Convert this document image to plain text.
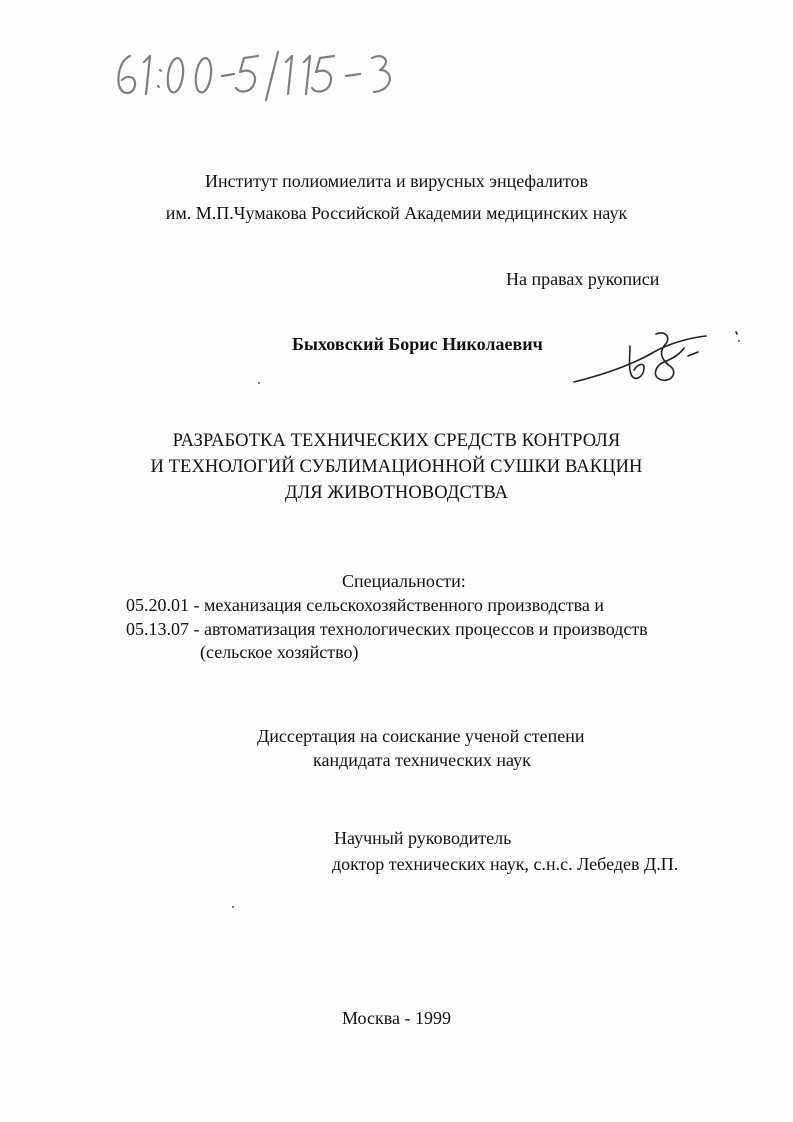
Институт полиомиелита и вирусных энцефалитов
им. М.П.Чумакова Российской Академии медицинских наук
На правах рукописи
Быховский Борис Николаевич
РАЗРАБОТКА ТЕХНИЧЕСКИХ СРЕДСТВ КОНТРОЛЯ
И ТЕХНОЛОГИЙ СУБЛИМАЦИОННОЙ СУШКИ ВАКЦИН
ДЛЯ ЖИВОТНОВОДСТВА
Специальности:
05.20.01 - механизация сельскохозяйственного производства и
05.13.07 - автоматизация технологических процессов и производств
(сельское хозяйство)
Диссертация на соискание ученой степени
кандидата технических наук
Научный руководитель
доктор технических наук, с.н.с. Лебедев Д.П.
Москва - 1999
